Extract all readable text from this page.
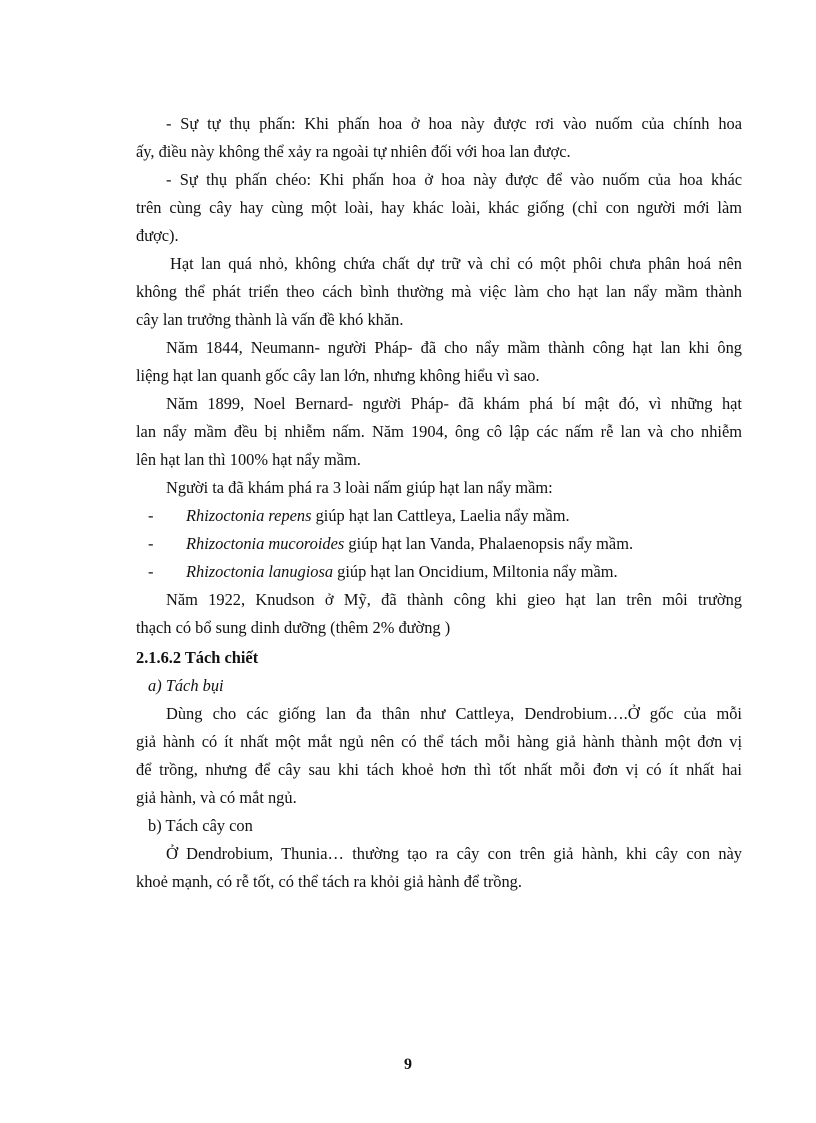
- Sự tự thụ phấn: Khi phấn hoa ở hoa này được rơi vào nuốm của chính hoa
ấy, điều này không thể xảy ra ngoài tự nhiên đối với hoa lan được.
- Sự thụ phấn chéo: Khi phấn hoa ở hoa này được để vào nuốm của hoa khác
trên cùng cây hay cùng một loài, hay khác loài, khác giống (chỉ con người mới làm
được).
Hạt lan quá nhỏ, không chứa chất dự trữ và chỉ có một phôi chưa phân hoá nên
không thể phát triển theo cách bình thường mà việc làm cho hạt lan nẩy mầm thành
cây lan trưởng thành là vấn đề khó khăn.
Năm 1844, Neumann- người Pháp- đã cho nẩy mầm thành công hạt lan khi ông
liệng hạt lan quanh gốc cây lan lớn, nhưng không hiểu vì sao.
Năm 1899, Noel Bernard- người Pháp- đã khám phá bí mật đó, vì những hạt
lan nẩy mầm đều bị nhiễm nấm. Năm 1904, ông cô lập các nấm rễ lan và cho nhiễm
lên hạt lan thì 100% hạt nẩy mầm.
Người ta đã khám phá ra 3 loài nấm giúp hạt lan nẩy mầm:
- Rhizoctonia repens giúp hạt lan Cattleya, Laelia nẩy mầm.
- Rhizoctonia mucoroides giúp hạt lan Vanda, Phalaenopsis nẩy mầm.
- Rhizoctonia lanugiosa giúp hạt lan Oncidium, Miltonia nẩy mầm.
Năm 1922, Knudson ở Mỹ, đã thành công khi gieo hạt lan trên môi trường
thạch có bổ sung dinh dưỡng (thêm 2% đường )
2.1.6.2 Tách chiết
a) Tách bụi
Dùng cho các giống lan đa thân như Cattleya, Dendrobium….Ở gốc của mỗi
giả hành có ít nhất một mắt ngủ nên có thể tách mỗi hàng giả hành thành một đơn vị
để trồng, nhưng để cây sau khi tách khoẻ hơn thì tốt nhất mỗi đơn vị có ít nhất hai
giả hành, và có mắt ngủ.
b) Tách cây con
Ở Dendrobium, Thunia… thường tạo ra cây con trên giả hành, khi cây con này
khoẻ mạnh, có rễ tốt, có thể tách ra khỏi giả hành để trồng.
9
